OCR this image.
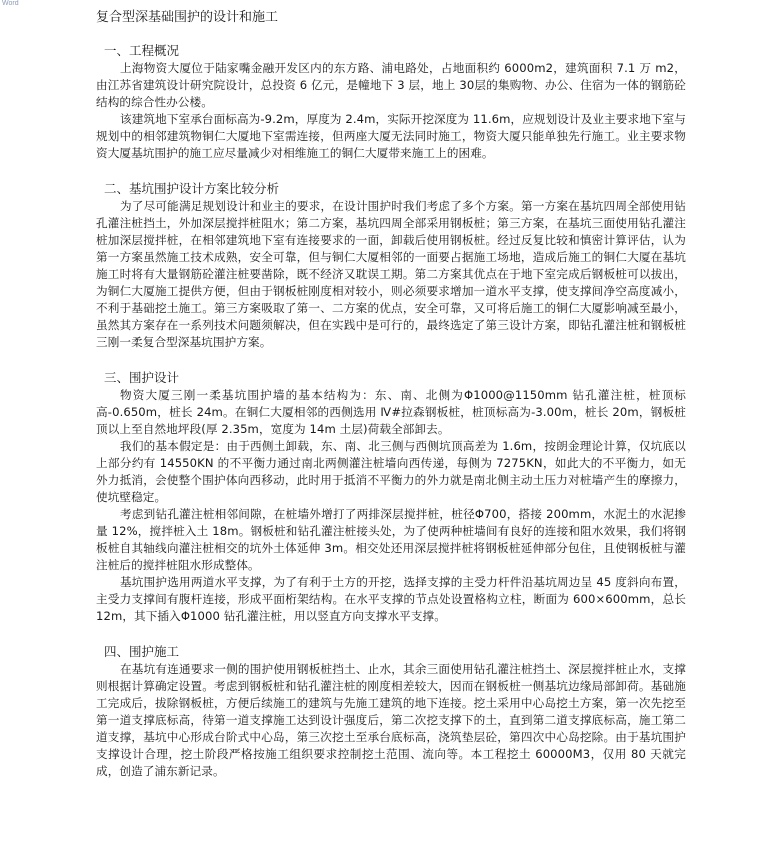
Word
复合型深基础围护的设计和施工
一、工程概况
上海物资大厦位于陆家嘴金融开发区内的东方路、浦电路处，占地面积约 6000m2，建筑面积 7.1 万 m2，由江苏省建筑设计研究院设计，总投资 6 亿元，是幢地下 3 层，地上 30层的集购物、办公、住宿为一体的钢筋砼结构的综合性办公楼。
该建筑地下室承台面标高为-9.2m，厚度为 2.4m，实际开挖深度为 11.6m，应规划设计及业主要求地下室与规划中的相邻建筑物铜仁大厦地下室需连接，但两座大厦无法同时施工，物资大厦只能单独先行施工。业主要求物资大厦基坑围护的施工应尽量减少对相维施工的铜仁大厦带来施工上的困难。
二、基坑围护设计方案比较分析
为了尽可能满足规划设计和业主的要求，在设计围护时我们考虑了多个方案。第一方案在基坑四周全部使用钻孔灌注桩挡土，外加深层搅拌桩阻水；第二方案，基坑四周全部采用钢板桩；第三方案，在基坑三面使用钻孔灌注桩加深层搅拌桩，在相邻建筑地下室有连接要求的一面，卸载后使用钢板桩。经过反复比较和慎密计算评估，认为第一方案虽然施工技术成熟，安全可靠，但与铜仁大厦相邻的一面要占据施工场地，造成后施工的铜仁大厦在基坑施工时将有大量钢筋砼灌注桩要凿除，既不经济又耽误工期。第二方案其优点在于地下室完成后钢板桩可以拔出，为铜仁大厦施工提供方便，但由于钢板桩刚度相对较小，则必须要求增加一道水平支撑，使支撑间净空高度减小，不利于基础挖土施工。第三方案吸取了第一、二方案的优点，安全可靠，又可将后施工的铜仁大厦影响减至最小，虽然其方案存在一系列技术问题须解决，但在实践中是可行的，最终选定了第三设计方案，即钻孔灌注桩和钢板桩三刚一柔复合型深基坑围护方案。
三、围护设计
物资大厦三刚一柔基坑围护墙的基本结构为：东、南、北侧为Φ1000@1150mm 钻孔灌注桩，桩顶标高-0.650m，桩长 24m。在铜仁大厦相邻的西侧选用 Ⅳ#拉森钢板桩，桩顶标高为-3.00m，桩长 20m，钢板桩顶以上至自然地坪段(厚 2.35m，宽度为 14m 土层)荷载全部卸去。
我们的基本假定是：由于西侧土卸载，东、南、北三侧与西侧坑顶高差为 1.6m，按朗金理论计算，仅坑底以上部分约有 14550KN 的不平衡力通过南北两侧灌注桩墙向西传递，每侧为 7275KN，如此大的不平衡力，如无外力抵消，会使整个围护体向西移动，此时用于抵消不平衡力的外力就是南北侧主动土压力对桩墙产生的摩擦力，使坑壁稳定。
考虑到钻孔灌注桩相邻间隙，在桩墙外增打了两排深层搅拌桩，桩径Φ700，搭接 200mm，水泥土的水泥掺量 12%，搅拌桩入土 18m。钢板桩和钻孔灌注桩接头处，为了使两种桩墙间有良好的连接和阻水效果，我们将钢板桩自其轴线向灌注桩相交的坑外土体延伸 3m。相交处还用深层搅拌桩将钢板桩延伸部分包住，且使钢板桩与灌注桩后的搅拌桩阻水形成整体。
基坑围护选用两道水平支撑，为了有利于土方的开挖，选择支撑的主受力杆件沿基坑周边呈 45 度斜向布置，主受力支撑间有腹杆连接，形成平面桁架结构。在水平支撑的节点处设置格构立柱，断面为 600×600mm，总长 12m，其下插入Φ1000 钻孔灌注桩，用以竖直方向支撑水平支撑。
四、围护施工
在基坑有连通要求一侧的围护使用钢板桩挡土、止水，其余三面使用钻孔灌注桩挡土、深层搅拌桩止水，支撑则根据计算确定设置。考虑到钢板桩和钻孔灌注桩的刚度相差较大，因而在钢板桩一侧基坑边缘局部卸荷。基础施工完成后，拔除钢板桩，方便后续施工的建筑与先施工建筑的地下连接。挖土采用中心岛挖土方案，第一次先挖至第一道支撑底标高，待第一道支撑施工达到设计强度后，第二次挖支撑下的土，直到第二道支撑底标高，施工第二道支撑，基坑中心形成台阶式中心岛，第三次挖土至承台底标高，浇筑垫层砼，第四次中心岛挖除。由于基坑围护支撑设计合理，挖土阶段严格按施工组织要求控制挖土范围、流向等。本工程挖土 60000M3，仅用 80 天就完成，创造了浦东新记录。
